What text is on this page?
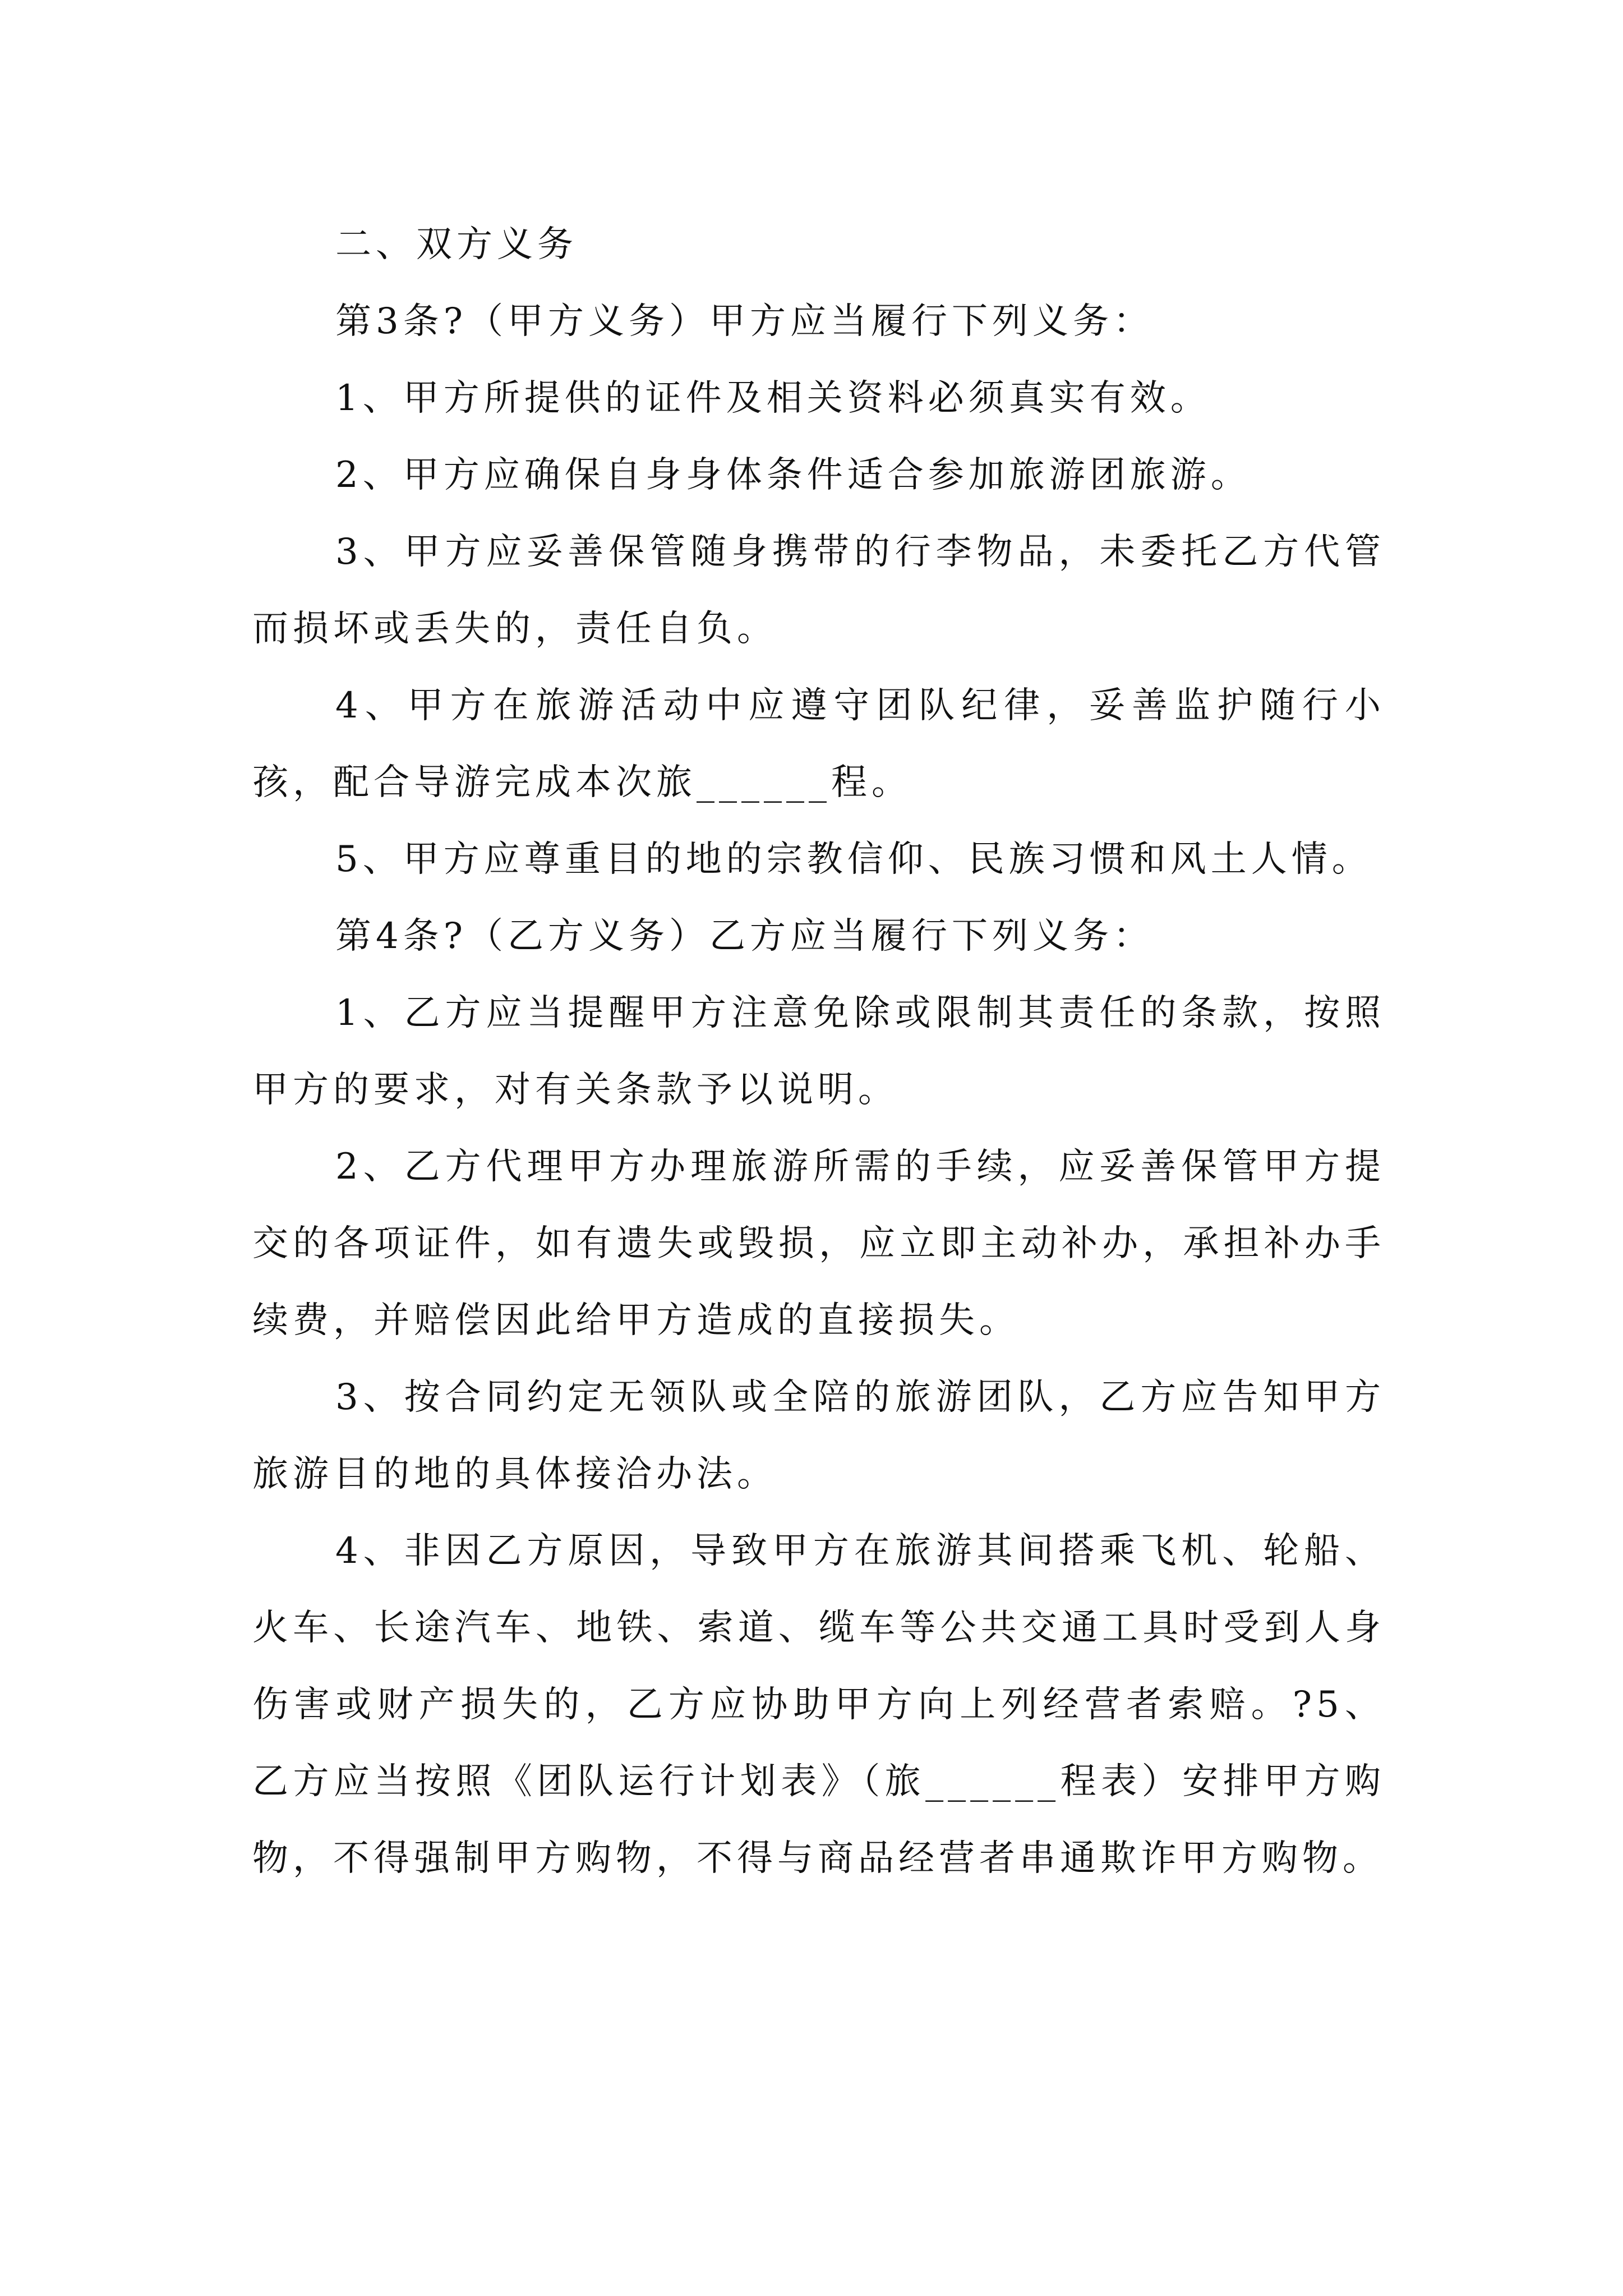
二、双方义务

第3条?（甲方义务）甲方应当履行下列义务：

1、甲方所提供的证件及相关资料必须真实有效。

2、甲方应确保自身身体条件适合参加旅游团旅游。

3、甲方应妥善保管随身携带的行李物品，未委托乙方代管而损坏或丢失的，责任自负。

4、甲方在旅游活动中应遵守团队纪律，妥善监护随行小孩，配合导游完成本次旅______程。

5、甲方应尊重目的地的宗教信仰、民族习惯和风土人情。

第4条?（乙方义务）乙方应当履行下列义务：

1、乙方应当提醒甲方注意免除或限制其责任的条款，按照甲方的要求，对有关条款予以说明。

2、乙方代理甲方办理旅游所需的手续，应妥善保管甲方提交的各项证件，如有遗失或毁损，应立即主动补办，承担补办手续费，并赔偿因此给甲方造成的直接损失。

3、按合同约定无领队或全陪的旅游团队，乙方应告知甲方旅游目的地的具体接洽办法。

4、非因乙方原因，导致甲方在旅游其间搭乘飞机、轮船、火车、长途汽车、地铁、索道、缆车等公共交通工具时受到人身伤害或财产损失的，乙方应协助甲方向上列经营者索赔。?5、乙方应当按照《团队运行计划表》（旅______程表）安排甲方购物，不得强制甲方购物，不得与商品经营者串通欺诈甲方购物。
